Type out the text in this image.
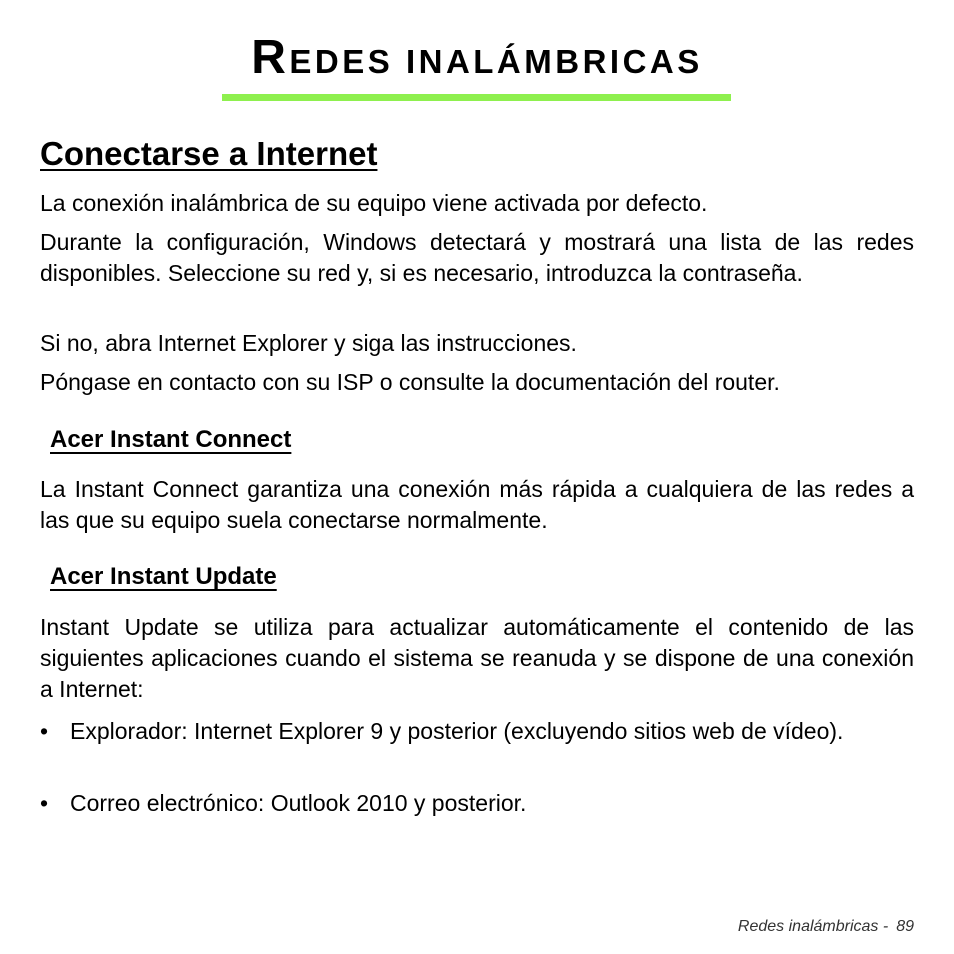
REDES INALÁMBRICAS
Conectarse a Internet

La conexión inalámbrica de su equipo viene activada por defecto.

Durante la configuración, Windows detectará y mostrará una lista de las redes disponibles. Seleccione su red y, si es necesario, introduzca la contraseña.

Si no, abra Internet Explorer y siga las instrucciones.

Póngase en contacto con su ISP o consulte la documentación del router.

Acer Instant Connect

La Instant Connect garantiza una conexión más rápida a cualquiera de las redes a las que su equipo suela conectarse normalmente.

Acer Instant Update

Instant Update se utiliza para actualizar automáticamente el contenido de las siguientes aplicaciones cuando el sistema se reanuda y se dispone de una conexión a Internet:

• Explorador: Internet Explorer 9 y posterior (excluyendo sitios web de vídeo).
• Correo electrónico: Outlook 2010 y posterior.
Redes inalámbricas - 89
